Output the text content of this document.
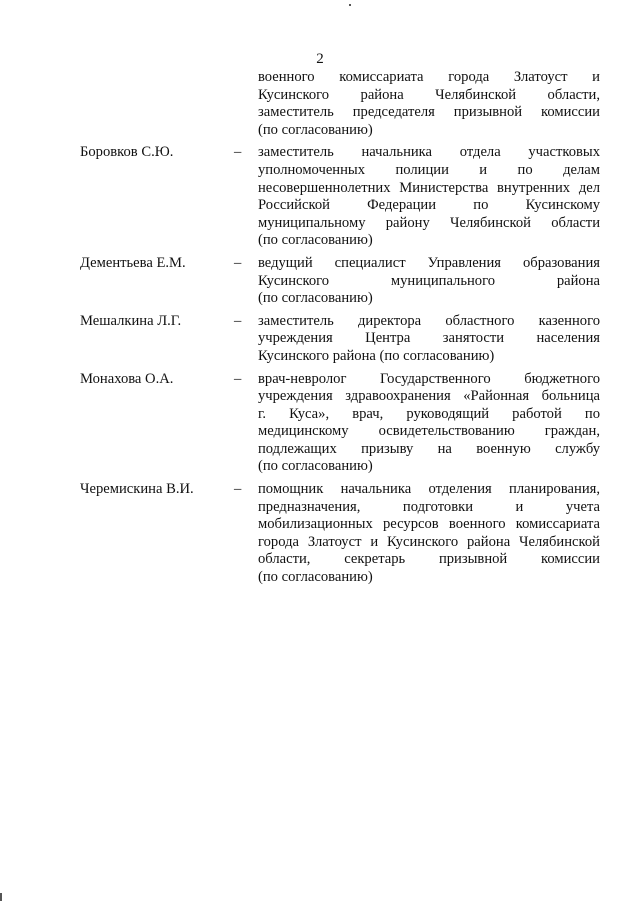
2
военного комиссариата города Златоуст и
Кусинского района Челябинской области,
заместитель председателя призывной комиссии
(по согласованию)
Боровков С.Ю.	– заместитель начальника отдела участковых
уполномоченных полиции и по делам
несовершеннолетних Министерства внутренних дел
Российской Федерации по Кусинскому
муниципальному району Челябинской области
(по согласованию)
Дементьева Е.М.	– ведущий специалист Управления образования
Кусинского муниципального района
(по согласованию)
Мешалкина Л.Г.	– заместитель директора областного казенного
учреждения Центра занятости населения
Кусинского района (по согласованию)
Монахова О.А.	– врач-невролог Государственного бюджетного
учреждения здравоохранения «Районная больница
г. Куса», врач, руководящий работой по
медицинскому освидетельствованию граждан,
подлежащих призыву на военную службу
(по согласованию)
Черемискина В.И.	– помощник начальника отделения планирования,
предназначения, подготовки и учета
мобилизационных ресурсов военного комиссариата
города Златоуст и Кусинского района Челябинской
области, секретарь призывной комиссии
(по согласованию)
